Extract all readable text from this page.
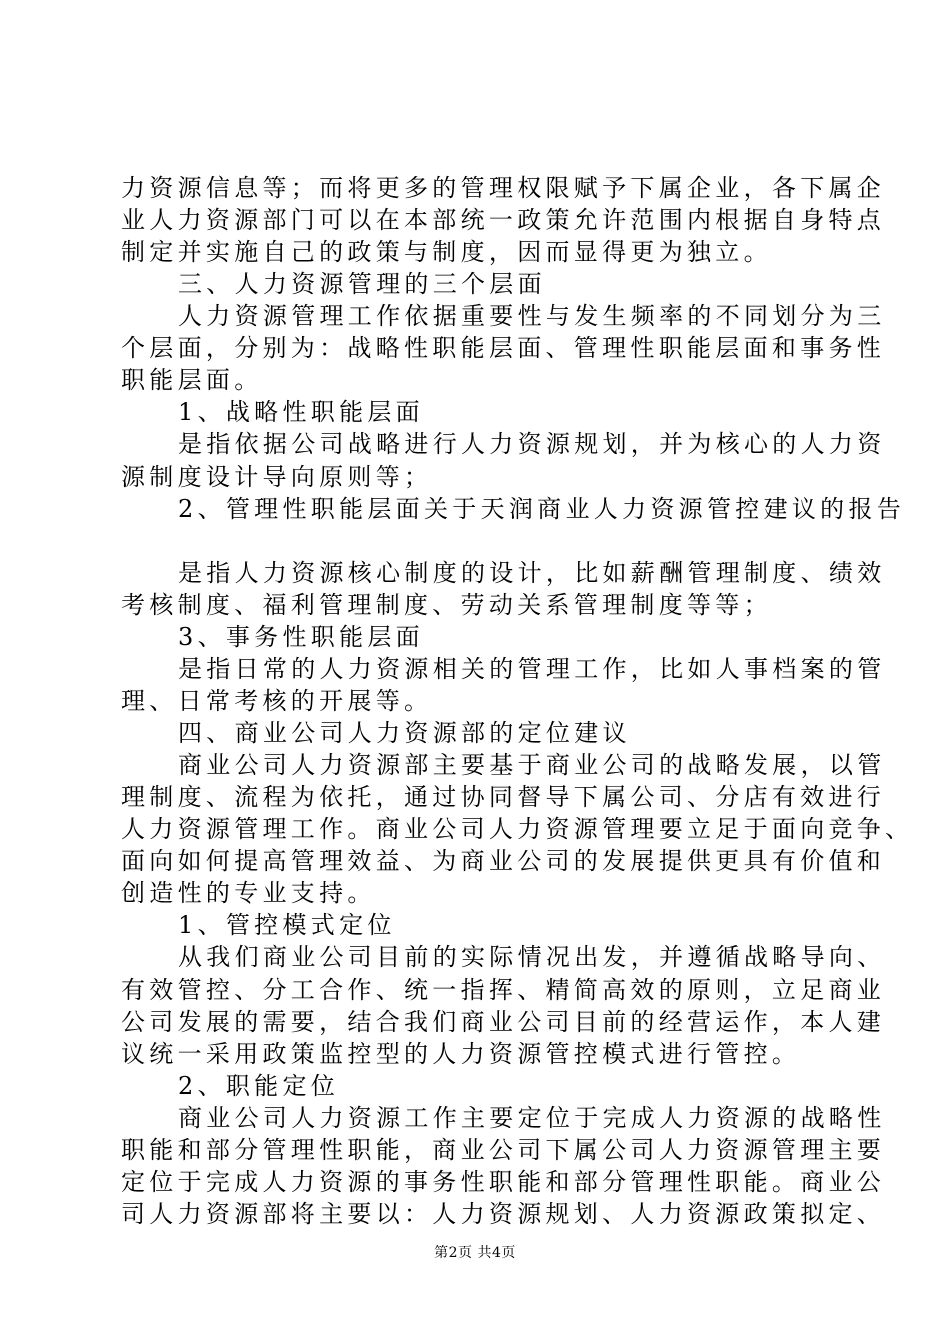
力资源信息等；而将更多的管理权限赋予下属企业，各下属企
业人力资源部门可以在本部统一政策允许范围内根据自身特点
制定并实施自己的政策与制度，因而显得更为独立。
三、人力资源管理的三个层面
人力资源管理工作依据重要性与发生频率的不同划分为三
个层面，分别为：战略性职能层面、管理性职能层面和事务性
职能层面。
1、战略性职能层面
是指依据公司战略进行人力资源规划，并为核心的人力资
源制度设计导向原则等；
2、管理性职能层面关于天润商业人力资源管控建议的报告
是指人力资源核心制度的设计，比如薪酬管理制度、绩效
考核制度、福利管理制度、劳动关系管理制度等等；
3、事务性职能层面
是指日常的人力资源相关的管理工作，比如人事档案的管
理、日常考核的开展等。
四、商业公司人力资源部的定位建议
商业公司人力资源部主要基于商业公司的战略发展，以管
理制度、流程为依托，通过协同督导下属公司、分店有效进行
人力资源管理工作。商业公司人力资源管理要立足于面向竞争、
面向如何提高管理效益、为商业公司的发展提供更具有价值和
创造性的专业支持。
1、管控模式定位
从我们商业公司目前的实际情况出发，并遵循战略导向、
有效管控、分工合作、统一指挥、精简高效的原则，立足商业
公司发展的需要，结合我们商业公司目前的经营运作，本人建
议统一采用政策监控型的人力资源管控模式进行管控。
2、职能定位
商业公司人力资源工作主要定位于完成人力资源的战略性
职能和部分管理性职能，商业公司下属公司人力资源管理主要
定位于完成人力资源的事务性职能和部分管理性职能。商业公
司人力资源部将主要以：人力资源规划、人力资源政策拟定、
第2页 共4页
